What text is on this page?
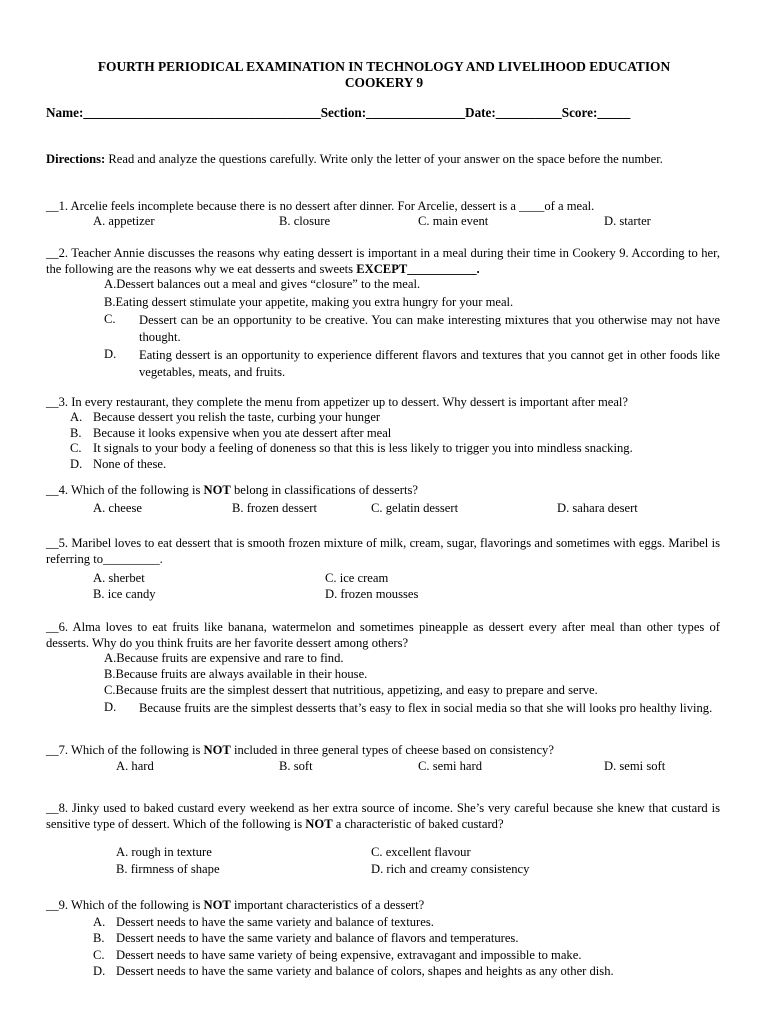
FOURTH PERIODICAL EXAMINATION IN TECHNOLOGY AND LIVELIHOOD EDUCATION
COOKERY 9
Name:____________________________________Section:_______________Date:__________Score:_____
Directions: Read and analyze the questions carefully. Write only the letter of your answer on the space before the number.
__1. Arcelie feels incomplete because there is no dessert after dinner. For Arcelie, dessert is a ____of a meal.
A. appetizer	B. closure	C. main event	D. starter
__2. Teacher Annie discusses the reasons why eating dessert is important in a meal during their time in Cookery 9. According to her, the following are the reasons why we eat desserts and sweets EXCEPT___________.
A.Dessert balances out a meal and gives “closure” to the meal.
B.Eating dessert stimulate your appetite, making you extra hungry for your meal.
C. Dessert can be an opportunity to be creative. You can make interesting mixtures that you otherwise may not have thought.
D. Eating dessert is an opportunity to experience different flavors and textures that you cannot get in other foods like vegetables, meats, and fruits.
__3. In every restaurant, they complete the menu from appetizer up to dessert. Why dessert is important after meal?
A. Because dessert you relish the taste, curbing your hunger
B. Because it looks expensive when you ate dessert after meal
C. It signals to your body a feeling of doneness so that this is less likely to trigger you into mindless snacking.
D. None of these.
__4. Which of the following is NOT belong in classifications of desserts?
A. cheese	B. frozen dessert	C. gelatin dessert	D. sahara desert
__5. Maribel loves to eat dessert that is smooth frozen mixture of milk, cream, sugar, flavorings and sometimes with eggs. Maribel is referring to_________.
A. sherbet	C. ice cream
B. ice candy	D. frozen mousses
__6. Alma loves to eat fruits like banana, watermelon and sometimes pineapple as dessert every after meal than other types of desserts. Why do you think fruits are her favorite dessert among others?
A.Because fruits are expensive and rare to find.
B.Because fruits are always available in their house.
C.Because fruits are the simplest dessert that nutritious, appetizing, and easy to prepare and serve.
D. Because fruits are the simplest desserts that’s easy to flex in social media so that she will looks pro healthy living.
__7. Which of the following is NOT included in three general types of cheese based on consistency?
A. hard	B. soft	C. semi hard	D. semi soft
__8. Jinky used to baked custard every weekend as her extra source of income. She’s very careful because she knew that custard is sensitive type of dessert. Which of the following is NOT a characteristic of baked custard?
A. rough in texture	C. excellent flavour
B. firmness of shape	D. rich and creamy consistency
__9. Which of the following is NOT important characteristics of a dessert?
A. Dessert needs to have the same variety and balance of textures.
B. Dessert needs to have the same variety and balance of flavors and temperatures.
C. Dessert needs to have same variety of being expensive, extravagant and impossible to make.
D. Dessert needs to have the same variety and balance of colors, shapes and heights as any other dish.
